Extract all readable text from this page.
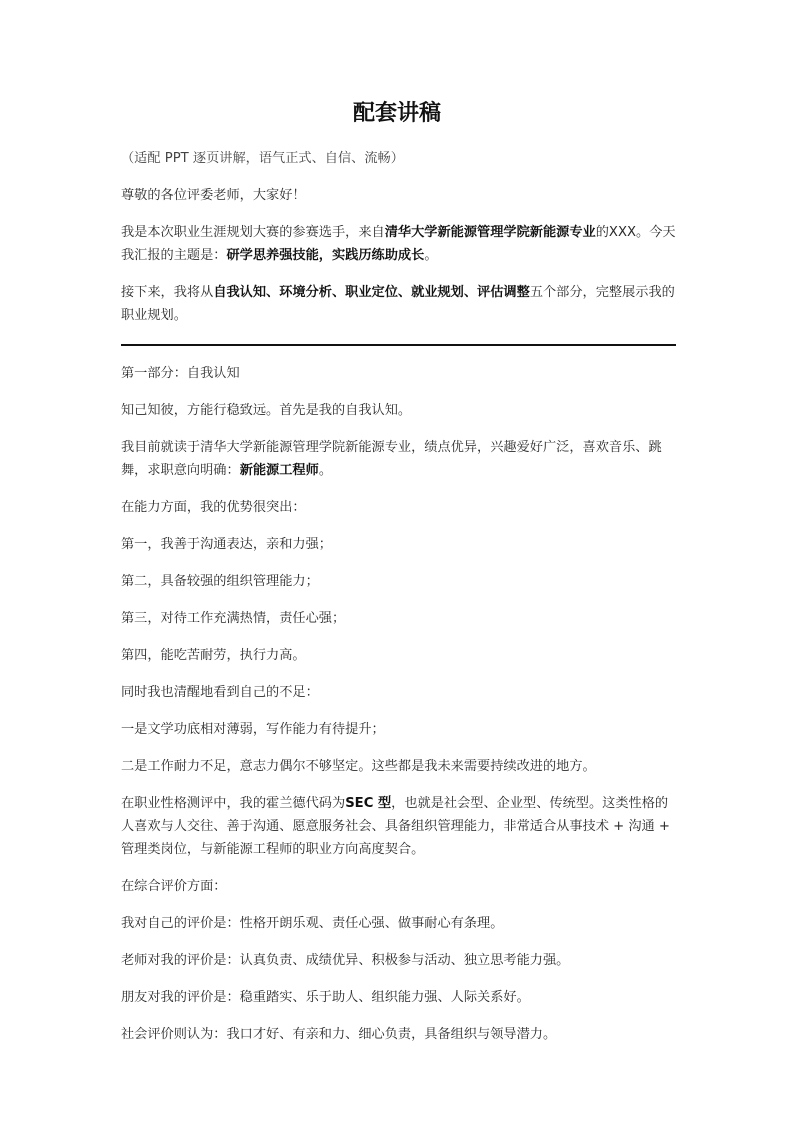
配套讲稿

（适配 PPT 逐页讲解，语气正式、自信、流畅）

尊敬的各位评委老师，大家好！

我是本次职业生涯规划大赛的参赛选手，来自清华大学新能源管理学院新能源专业的XXX。今天我汇报的主题是：研学思养强技能，实践历练助成长。

接下来，我将从自我认知、环境分析、职业定位、就业规划、评估调整五个部分，完整展示我的职业规划。

第一部分：自我认知

知己知彼，方能行稳致远。首先是我的自我认知。

我目前就读于清华大学新能源管理学院新能源专业，绩点优异，兴趣爱好广泛，喜欢音乐、跳舞，求职意向明确：新能源工程师。

在能力方面，我的优势很突出：

第一，我善于沟通表达，亲和力强；

第二，具备较强的组织管理能力；

第三，对待工作充满热情，责任心强；

第四，能吃苦耐劳，执行力高。

同时我也清醒地看到自己的不足：

一是文学功底相对薄弱，写作能力有待提升；

二是工作耐力不足，意志力偶尔不够坚定。这些都是我未来需要持续改进的地方。

在职业性格测评中，我的霍兰德代码为SEC 型，也就是社会型、企业型、传统型。这类性格的人喜欢与人交往、善于沟通、愿意服务社会、具备组织管理能力，非常适合从事技术 + 沟通 + 管理类岗位，与新能源工程师的职业方向高度契合。

在综合评价方面：

我对自己的评价是：性格开朗乐观、责任心强、做事耐心有条理。

老师对我的评价是：认真负责、成绩优异、积极参与活动、独立思考能力强。

朋友对我的评价是：稳重踏实、乐于助人、组织能力强、人际关系好。

社会评价则认为：我口才好、有亲和力、细心负责，具备组织与领导潜力。
